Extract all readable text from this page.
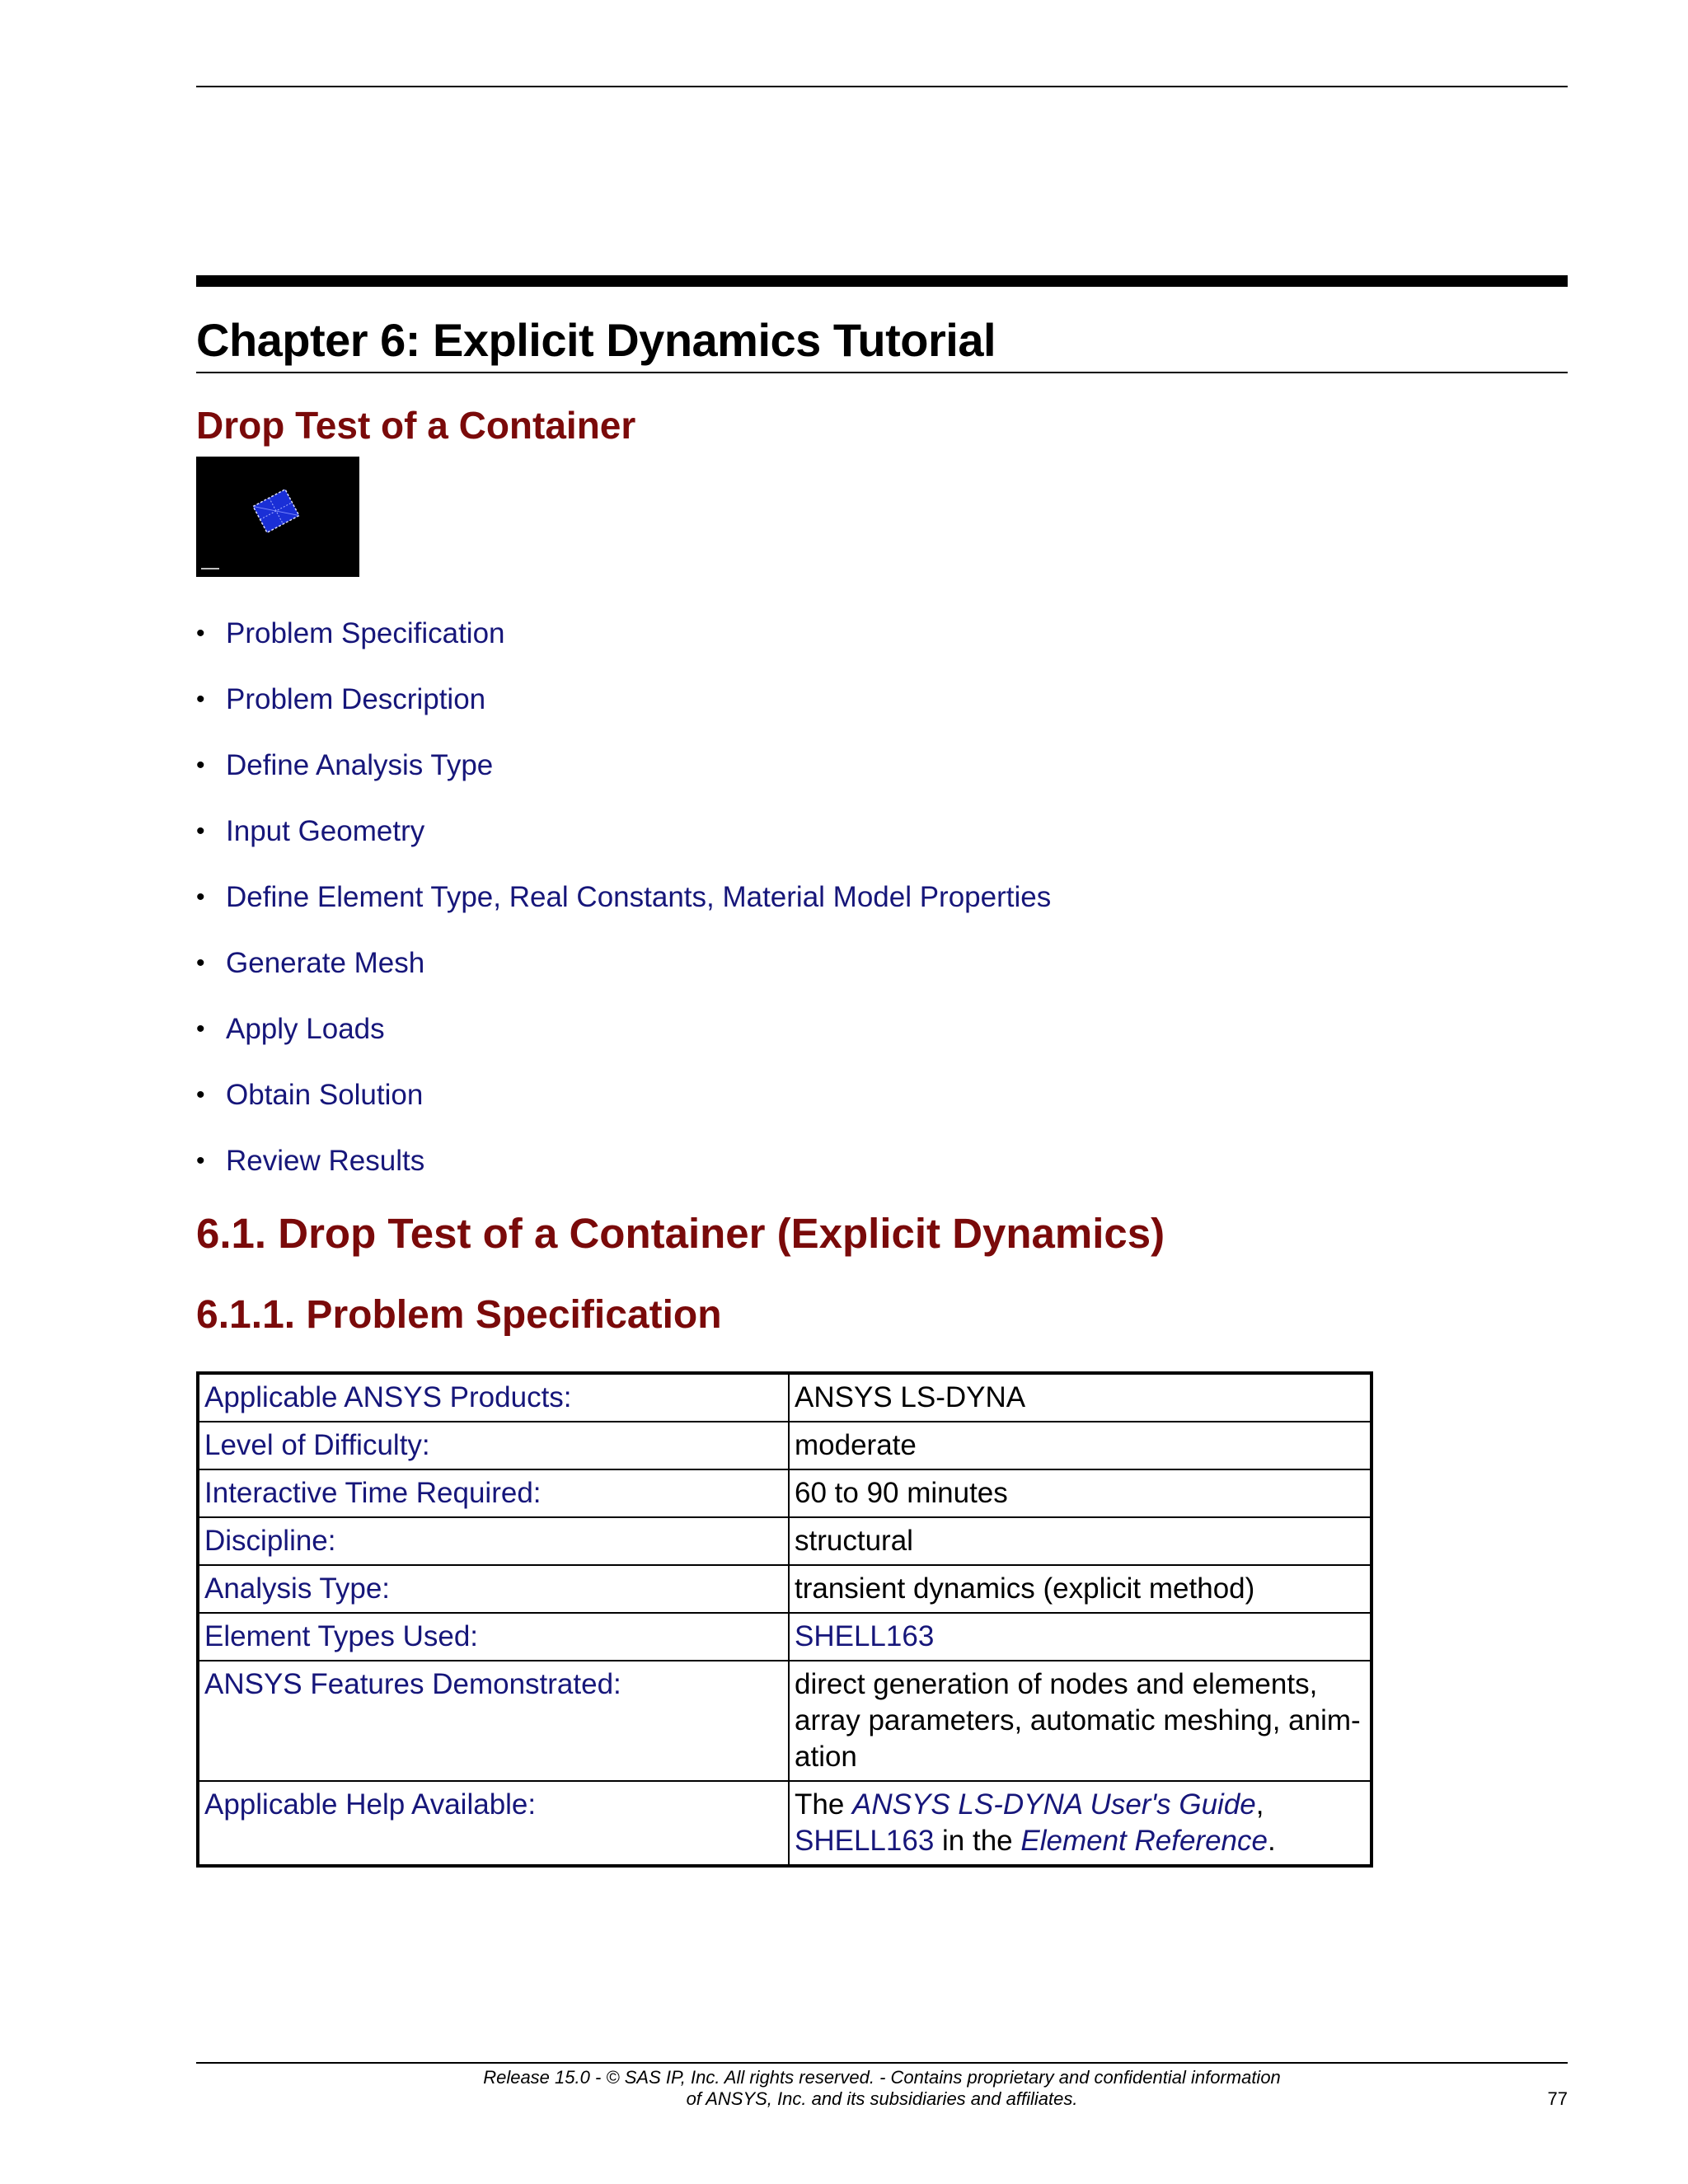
Chapter 6: Explicit Dynamics Tutorial
Drop Test of a Container
• Problem Specification
• Problem Description
• Define Analysis Type
• Input Geometry
• Define Element Type, Real Constants, Material Model Properties
• Generate Mesh
• Apply Loads
• Obtain Solution
• Review Results
6.1. Drop Test of a Container (Explicit Dynamics)
6.1.1. Problem Specification
Applicable ANSYS Products:	ANSYS LS-DYNA
Level of Difficulty:	moderate
Interactive Time Required:	60 to 90 minutes
Discipline:	structural
Analysis Type:	transient dynamics (explicit method)
Element Types Used:	SHELL163
ANSYS Features Demonstrated:	direct generation of nodes and elements, array parameters, automatic meshing, anim-ation
Applicable Help Available:	The ANSYS LS-DYNA User's Guide, SHELL163 in the Element Reference.
Release 15.0 - © SAS IP, Inc. All rights reserved. - Contains proprietary and confidential information
of ANSYS, Inc. and its subsidiaries and affiliates.	77
